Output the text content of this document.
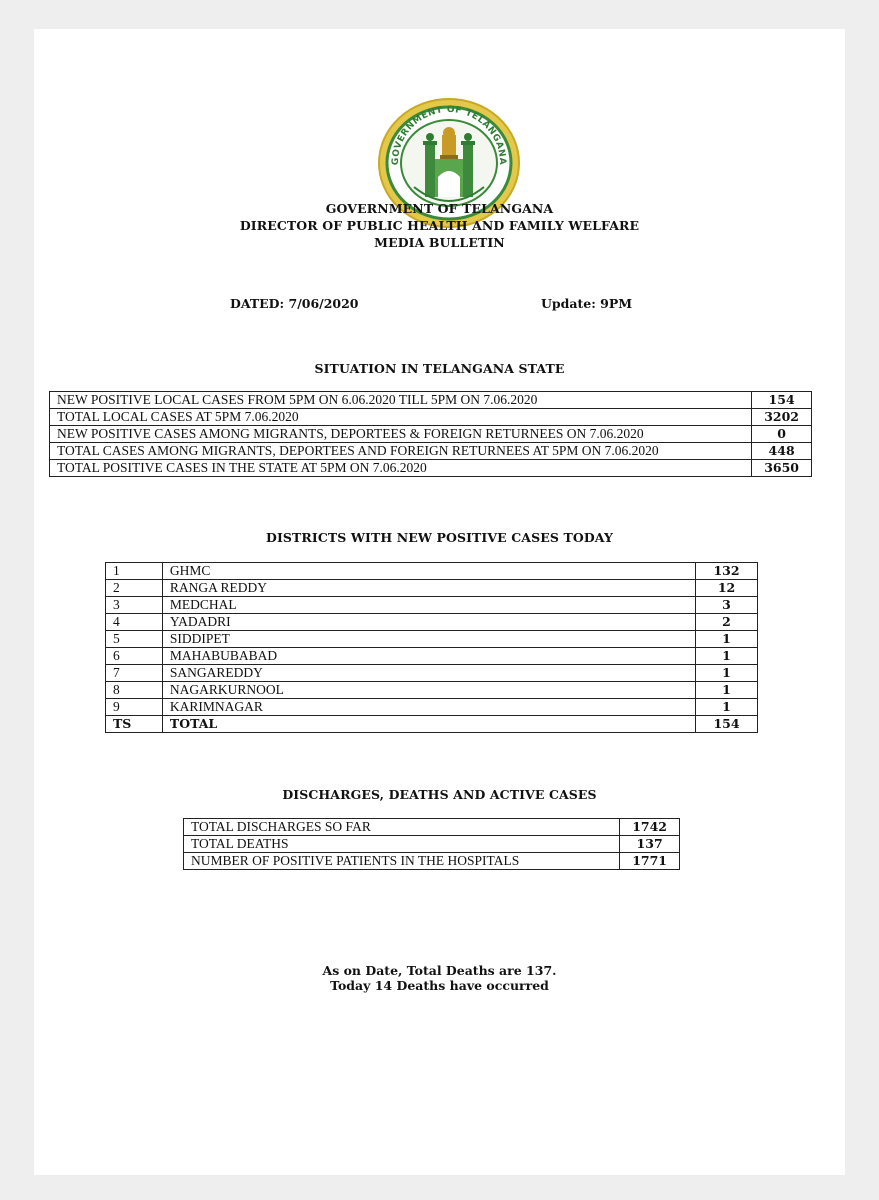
GOVERNMENT OF TELANGANA
GOVERNMENT OF TELANGANA
DIRECTOR OF PUBLIC HEALTH AND FAMILY WELFARE
MEDIA BULLETIN
DATED: 7/06/2020	Update: 9PM
SITUATION IN TELANGANA STATE
NEW POSITIVE LOCAL CASES FROM 5PM ON 6.06.2020 TILL 5PM ON 7.06.2020	154
TOTAL LOCAL CASES AT 5PM 7.06.2020	3202
NEW POSITIVE CASES AMONG MIGRANTS, DEPORTEES & FOREIGN RETURNEES ON 7.06.2020	0
TOTAL CASES AMONG MIGRANTS, DEPORTEES AND FOREIGN RETURNEES AT 5PM ON 7.06.2020	448
TOTAL POSITIVE CASES IN THE STATE AT 5PM ON 7.06.2020	3650
DISTRICTS WITH NEW POSITIVE CASES TODAY
1	GHMC	132
2	RANGA REDDY	12
3	MEDCHAL	3
4	YADADRI	2
5	SIDDIPET	1
6	MAHABUBABAD	1
7	SANGAREDDY	1
8	NAGARKURNOOL	1
9	KARIMNAGAR	1
TS	TOTAL	154
DISCHARGES, DEATHS AND ACTIVE CASES
TOTAL DISCHARGES SO FAR	1742
TOTAL DEATHS	137
NUMBER OF POSITIVE PATIENTS IN THE HOSPITALS	1771
As on Date, Total Deaths are 137.
Today 14 Deaths have occurred
